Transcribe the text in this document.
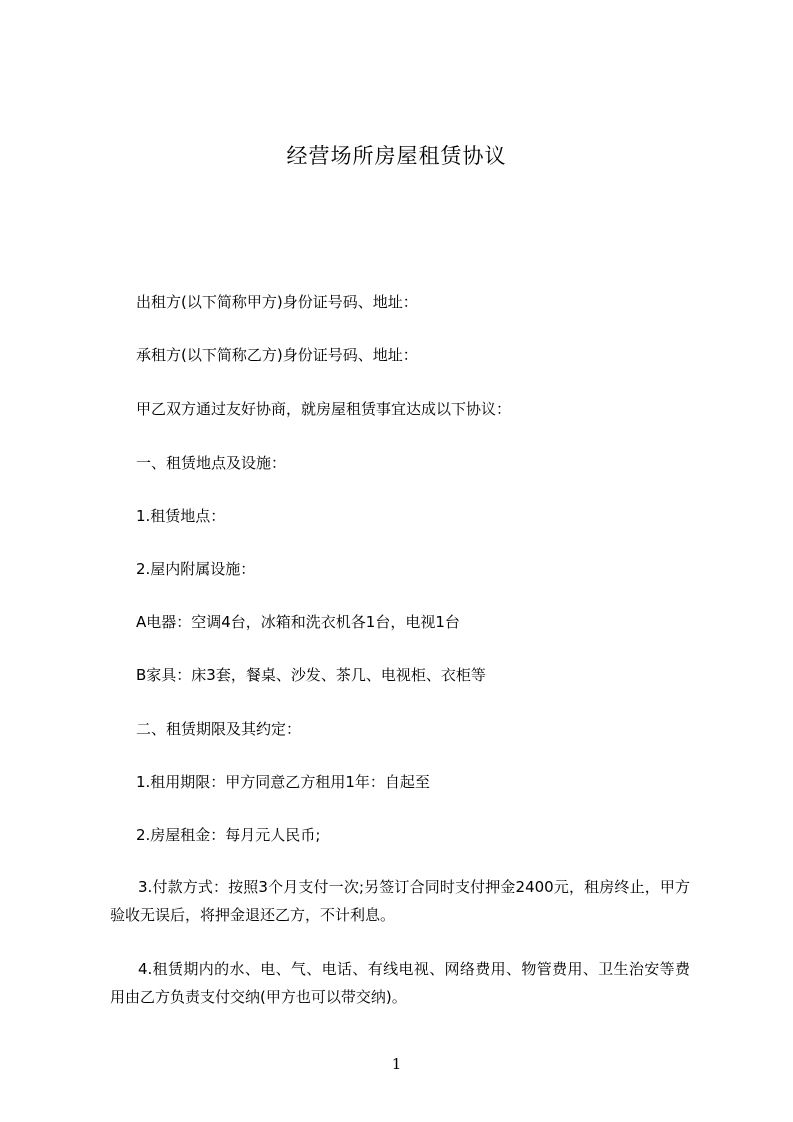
经营场所房屋租赁协议
出租方(以下简称甲方)身份证号码、地址：
承租方(以下简称乙方)身份证号码、地址：
甲乙双方通过友好协商，就房屋租赁事宜达成以下协议：
一、租赁地点及设施：
1.租赁地点：
2.屋内附属设施：
A电器：空调4台，冰箱和洗衣机各1台，电视1台
B家具：床3套，餐桌、沙发、茶几、电视柜、衣柜等
二、租赁期限及其约定：
1.租用期限：甲方同意乙方租用1年：自起至
2.房屋租金：每月元人民币;
3.付款方式：按照3个月支付一次;另签订合同时支付押金2400元，租房终止，甲方验收无误后，将押金退还乙方，不计利息。
4.租赁期内的水、电、气、电话、有线电视、网络费用、物管费用、卫生治安等费用由乙方负责支付交纳(甲方也可以带交纳)。
1
